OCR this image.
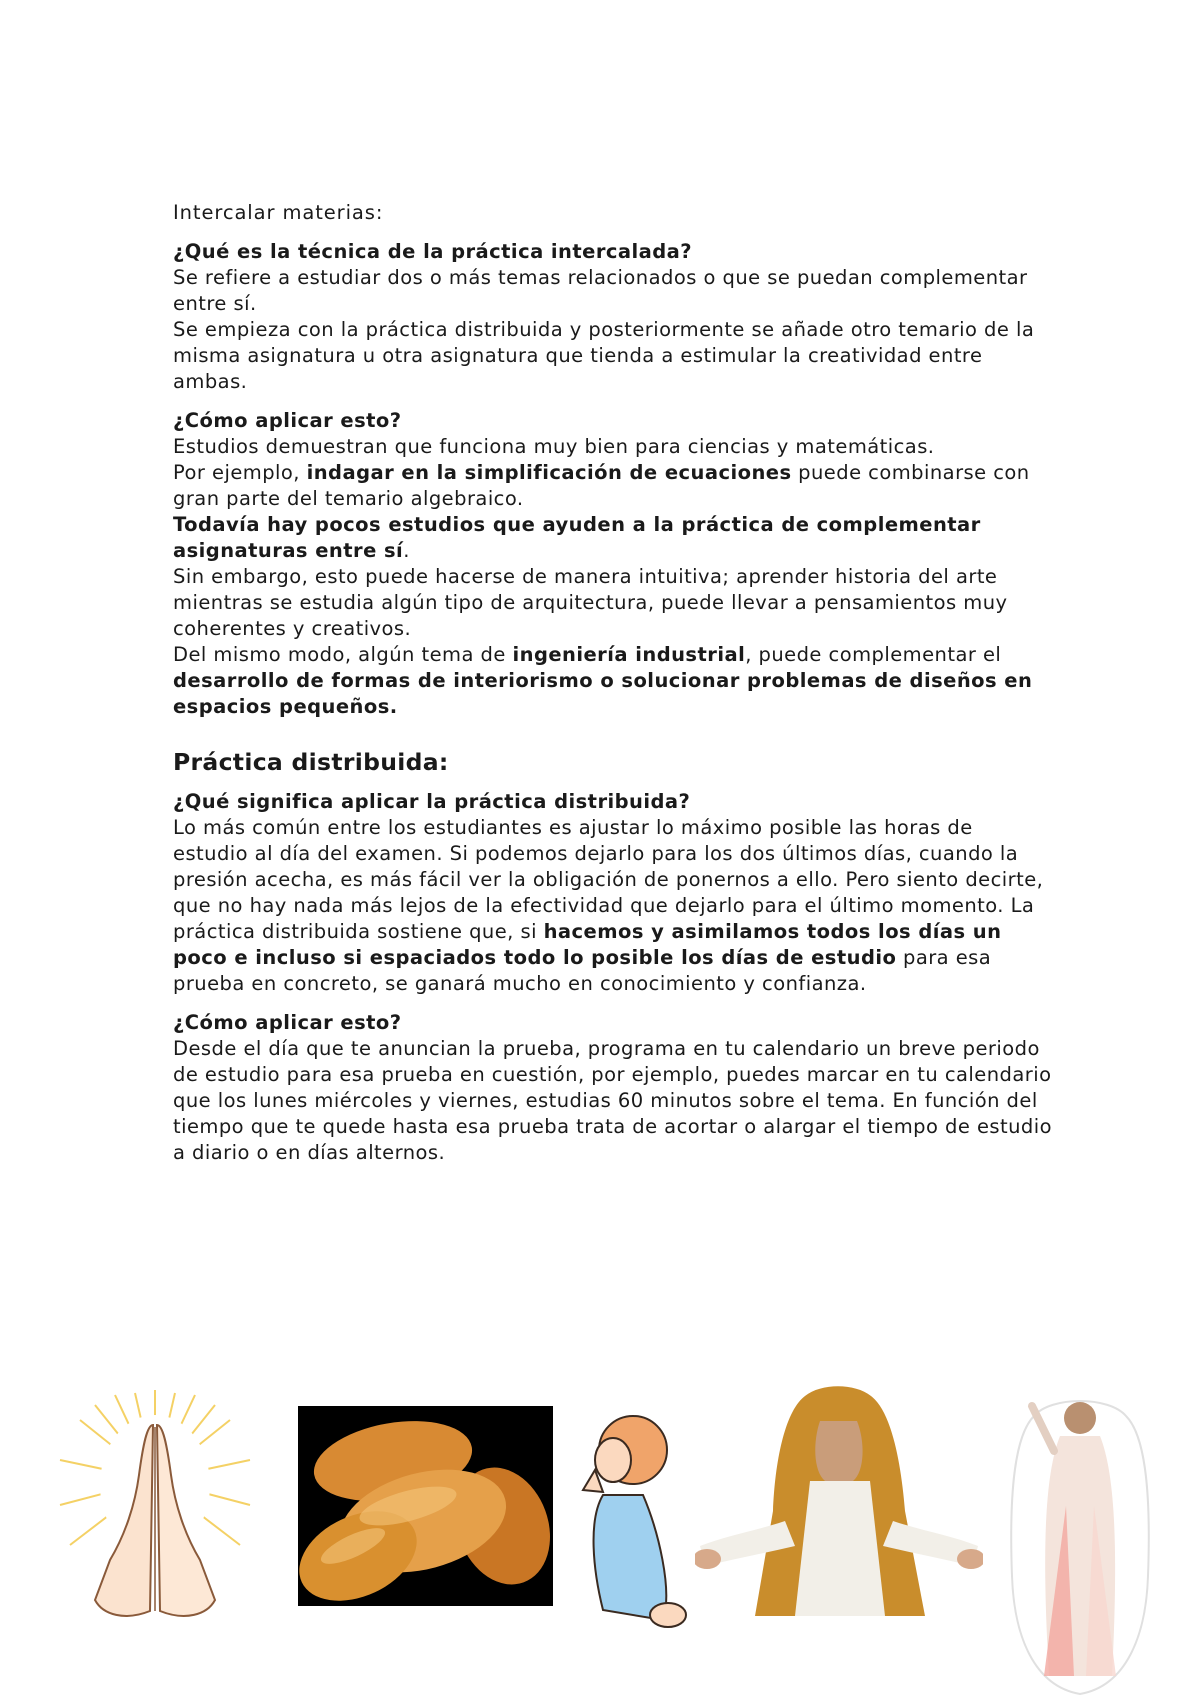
Intercalar materias:

¿Qué es la técnica de la práctica intercalada?

Se refiere a estudiar dos o más temas relacionados o que se puedan complementar entre sí.

Se empieza con la práctica distribuida y posteriormente se añade otro temario de la misma asignatura u otra asignatura que tienda a estimular la creatividad entre ambas.

¿Cómo aplicar esto?

Estudios demuestran que funciona muy bien para ciencias y matemáticas.

Por ejemplo, indagar en la simplificación de ecuaciones puede combinarse con gran parte del temario algebraico.

Todavía hay pocos estudios que ayuden a la práctica de complementar asignaturas entre sí.

Sin embargo, esto puede hacerse de manera intuitiva; aprender historia del arte mientras se estudia algún tipo de arquitectura, puede llevar a pensamientos muy coherentes y creativos.

Del mismo modo, algún tema de ingeniería industrial, puede complementar el desarrollo de formas de interiorismo o solucionar problemas de diseños en espacios pequeños.

Práctica distribuida:

¿Qué significa aplicar la práctica distribuida?

Lo más común entre los estudiantes es ajustar lo máximo posible las horas de estudio al día del examen. Si podemos dejarlo para los dos últimos días, cuando la presión acecha, es más fácil ver la obligación de ponernos a ello. Pero siento decirte, que no hay nada más lejos de la efectividad que dejarlo para el último momento. La práctica distribuida sostiene que, si hacemos y asimilamos todos los días un poco e incluso si espaciados todo lo posible los días de estudio para esa prueba en concreto, se ganará mucho en conocimiento y confianza.

¿Cómo aplicar esto?

Desde el día que te anuncian la prueba, programa en tu calendario un breve periodo de estudio para esa prueba en cuestión, por ejemplo, puedes marcar en tu calendario que los lunes miércoles y viernes, estudias 60 minutos sobre el tema. En función del tiempo que te quede hasta esa prueba trata de acortar o alargar el tiempo de estudio a diario o en días alternos.
